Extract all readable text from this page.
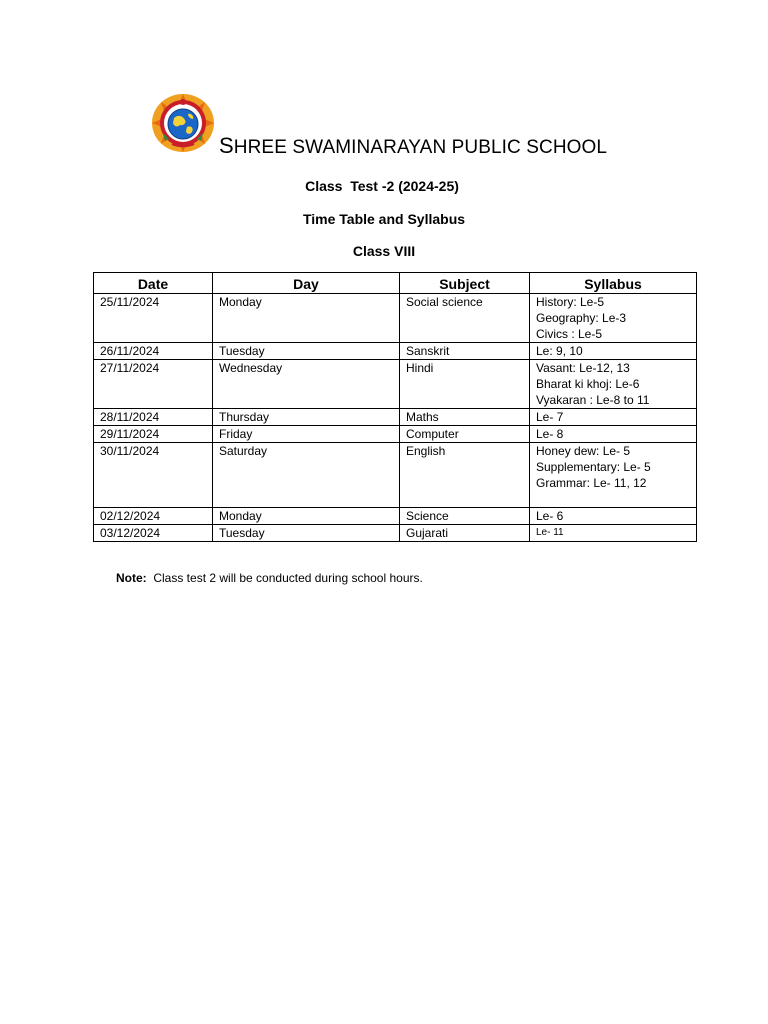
SHREE SWAMINARAYAN PUBLIC SCHOOL
Class  Test -2 (2024-25)
Time Table and Syllabus
Class VIII
Date	Day	Subject	Syllabus
25/11/2024	Monday	Social science	History: Le-5
Geography: Le-3
Civics : Le-5

26/11/2024	Tuesday	Sanskrit	Le: 9, 10

27/11/2024	Wednesday	Hindi	Vasant: Le-12, 13
Bharat ki khoj: Le-6
Vyakaran : Le-8 to 11

28/11/2024	Thursday	Maths	Le- 7

29/11/2024	Friday	Computer	Le- 8

30/11/2024	Saturday	English	Honey dew: Le- 5
Supplementary: Le- 5
Grammar: Le- 11, 12

02/12/2024	Monday	Science	Le- 6

03/12/2024	Tuesday	Gujarati	Le- 11
Note:  Class test 2 will be conducted during school hours.
